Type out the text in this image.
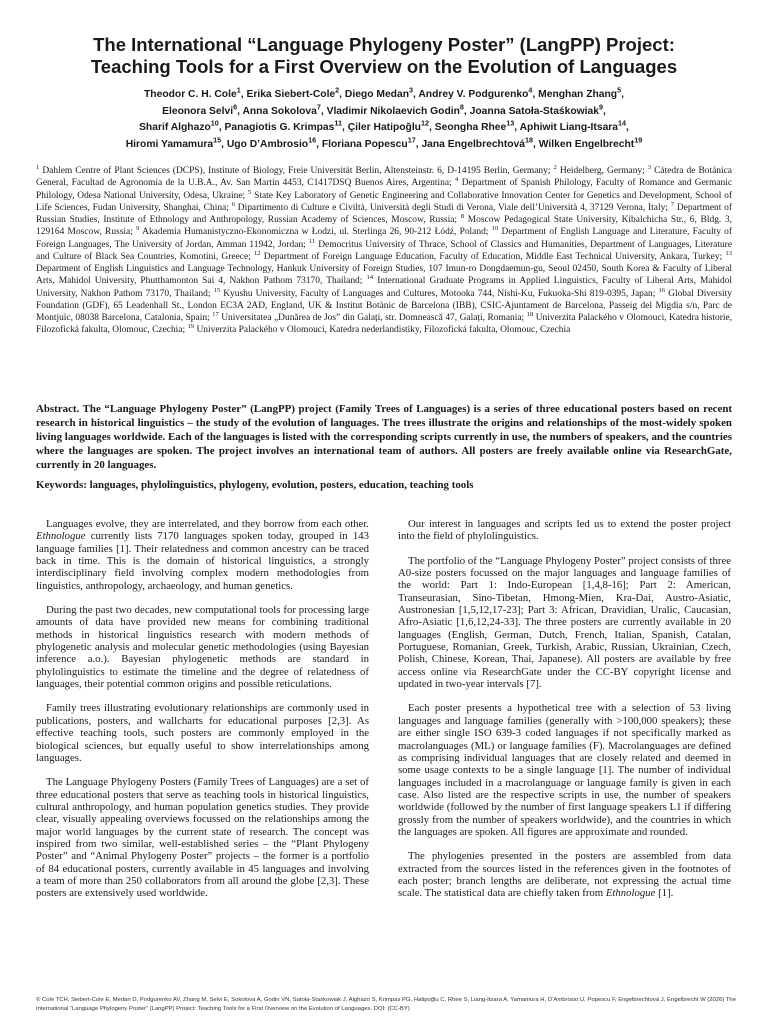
The International “Language Phylogeny Poster” (LangPP) Project:
Teaching Tools for a First Overview on the Evolution of Languages
Theodor C. H. Cole$^1$, Erika Siebert-Cole$^2$, Diego Medan$^3$, Andrey V. Podgurenko$^4$, Menghan Zhang$^5$,
Eleonora Selvi$^6$, Anna Sokolova$^7$, Vladimir Nikolaevich Godin$^8$, Joanna Satoła-Staśkowiak$^9$,
Sharif Alghazo$^{10}$, Panagiotis G. Krimpas$^{11}$, Çiler Hatipoğlu$^{12}$, Seongha Rhee$^{13}$, Aphiwit Liang-Itsara$^{14}$,
Hiromi Yamamura$^{15}$, Ugo D’Ambrosio$^{16}$, Floriana Popescu$^{17}$, Jana Engelbrechtová$^{18}$, Wilken Engelbrecht$^{19}$
$^1$ Dahlem Centre of Plant Sciences (DCPS), Institute of Biology, Freie Universität Berlin, Altensteinstr. 6, D-14195 Berlin, Germany; $^2$ Heidelberg, Germany; $^3$ Cátedra de Botánica General, Facultad de Agronomía de la U.B.A., Av. San Martín 4453, C1417DSQ Buenos Aires, Argentina; $^4$ Department of Spanish Philology, Faculty of Romance and Germanic Philology, Odesa National University, Odesa, Ukraine; $^5$ State Key Laboratory of Genetic Engineering and Collaborative Innovation Center for Genetics and Development, School of Life Sciences, Fudan University, Shanghai, China; $^6$ Dipartimento di Culture e Civiltà, Università degli Studi di Verona, Viale dell’Università 4, 37129 Verona, Italy; $^7$ Department of Russian Studies, Institute of Ethnology and Anthropology, Russian Academy of Sciences, Moscow, Russia; $^8$ Moscow Pedagogical State University, Kibalchicha Str., 6, Bldg. 3, 129164 Moscow, Russia; $^9$ Akademia Humanistyczno-Ekonomiczna w Łodzi, ul. Sterlinga 26, 90-212 Łódź, Poland; $^{10}$ Department of English Language and Literature, Faculty of Foreign Languages, The University of Jordan, Amman 11942, Jordan; $^{11}$ Democritus University of Thrace, School of Classics and Humanities, Department of Languages, Literature and Culture of Black Sea Countries, Komotini, Greece; $^{12}$ Department of Foreign Language Education, Faculty of Education, Middle East Technical University, Ankara, Turkey; $^{13}$ Department of English Linguistics and Language Technology, Hankuk University of Foreign Studies, 107 Imun-ro Dongdaemun-gu, Seoul 02450, South Korea & Faculty of Liberal Arts, Mahidol University, Phutthamonton Sai 4, Nakhon Pathom 73170, Thailand; $^{14}$ International Graduate Programs in Applied Linguistics, Faculty of Liberal Arts, Mahidol University, Nakhon Pathom 73170, Thailand; $^{15}$ Kyushu University, Faculty of Languages and Cultures, Motooka 744, Nishi-Ku, Fukuoka-Shi 819-0395, Japan; $^{16}$ Global Diversity Foundation (GDF), 65 Leadenhall St., London EC3A 2AD, England, UK & Institut Botànic de Barcelona (IBB), CSIC-Ajuntament de Barcelona, Passeig del Migdia s/n, Parc de Montjuïc, 08038 Barcelona, Catalonia, Spain; $^{17}$ Universitatea „Dunărea de Jos” din Galați, str. Domnească 47, Galați, Romania; $^{18}$ Univerzita Palackého v Olomouci, Katedra historie, Filozofická fakulta, Olomouc, Czechia; $^{19}$ Univerzita Palackého v Olomouci, Katedra nederlandistiky, Filozofická fakulta, Olomouc, Czechia
Abstract. The “Language Phylogeny Poster” (LangPP) project (Family Trees of Languages) is a series of three educational posters based on recent research in historical linguistics – the study of the evolution of languages. The trees illustrate the origins and relationships of the most-widely spoken living languages worldwide. Each of the languages is listed with the corresponding scripts currently in use, the numbers of speakers, and the countries where the languages are spoken. The project involves an international team of authors. All posters are freely available online via ResearchGate, currently in 20 languages.
Keywords: languages, phylolinguistics, phylogeny, evolution, posters, education, teaching tools

Languages evolve, they are interrelated, and they borrow from each other. Ethnologue currently lists 7170 languages spoken today, grouped in 143 language families [1]. Their relatedness and common ancestry can be traced back in time. This is the domain of historical linguistics, a strongly interdisciplinary field involving complex modern methodologies from linguistics, anthropology, archaeology, and human genetics.

During the past two decades, new computational tools for processing large amounts of data have provided new means for combining traditional methods in historical linguistics research with modern methods of phylogenetic analysis and molecular genetic methodologies (using Bayesian inference a.o.). Bayesian phylogenetic methods are standard in phylolinguistics to estimate the timeline and the degree of relatedness of languages, their potential common origins and possible reticulations.

Family trees illustrating evolutionary relationships are commonly used in publications, posters, and wallcharts for educational purposes [2,3]. As effective teaching tools, such posters are commonly employed in the biological sciences, but equally useful to show interrelationships among languages.

The Language Phylogeny Posters (Family Trees of Languages) are a set of three educational posters that serve as teaching tools in historical linguistics, cultural anthropology, and human population genetics studies. They provide clear, visually appealing overviews focussed on the relationships among the major world languages by the current state of research. The concept was inspired from two similar, well-established series – the “Plant Phylogeny Poster” and “Animal Phylogeny Poster” projects – the former is a portfolio of 84 educational posters, currently available in 45 languages and involving a team of more than 250 collaborators from all around the globe [2,3]. These posters are extensively used worldwide.

Our interest in languages and scripts led us to extend the poster project into the field of phylolinguistics.

The portfolio of the “Language Phylogeny Poster” project consists of three A0-size posters focussed on the major languages and language families of the world: Part 1: Indo-European [1,4,8-16]; Part 2: American, Transeurasian, Sino-Tibetan, Hmong-Mien, Kra-Dai, Austro-Asiatic, Austronesian [1,5,12,17-23]; Part 3: African, Dravidian, Uralic, Caucasian, Afro-Asiatic [1,6,12,24-33]. The three posters are currently available in 20 languages (English, German, Dutch, French, Italian, Spanish, Catalan, Portuguese, Romanian, Greek, Turkish, Arabic, Russian, Ukrainian, Czech, Polish, Chinese, Korean, Thai, Japanese). All posters are available by free access online via ResearchGate under the CC-BY copyright license and updated in two-year intervals [7].

Each poster presents a hypothetical tree with a selection of 53 living languages and language families (generally with >100,000 speakers); these are either single ISO 639-3 coded languages if not specifically marked as macrolanguages (ML) or language families (F). Macrolanguages are defined as comprising individual languages that are closely related and deemed in some usage contexts to be a single language [1]. The number of individual languages included in a macrolanguage or language family is given in each case. Also listed are the respective scripts in use, the number of speakers worldwide (followed by the number of first language speakers L1 if differing grossly from the number of speakers worldwide), and the countries in which the languages are spoken. All figures are approximate and rounded.

The phylogenies presented in the posters are assembled from data extracted from the sources listed in the references given in the footnotes of each poster; branch lengths are deliberate, not expressing the actual time scale. The statistical data are chiefly taken from Ethnologue [1].

© Cole TCH, Siebert-Cole E, Medan D, Podgurenko AV, Zhang M, Selvi E, Sokolova A, Godin VN, Satoła-Staśkowiak J, Alghazo S, Krimpas PG, Hatipoğlu C, Rhee S, Liang-Itsara A, Yamamura H, D’Ambrosio U, Popescu F, Engelbrechtová J, Engelbrecht W (2026) The International “Language Phylogeny Poster” (LangPP) Project: Teaching Tools for a First Overview on the Evolution of Languages. DOI: (CC-BY)
